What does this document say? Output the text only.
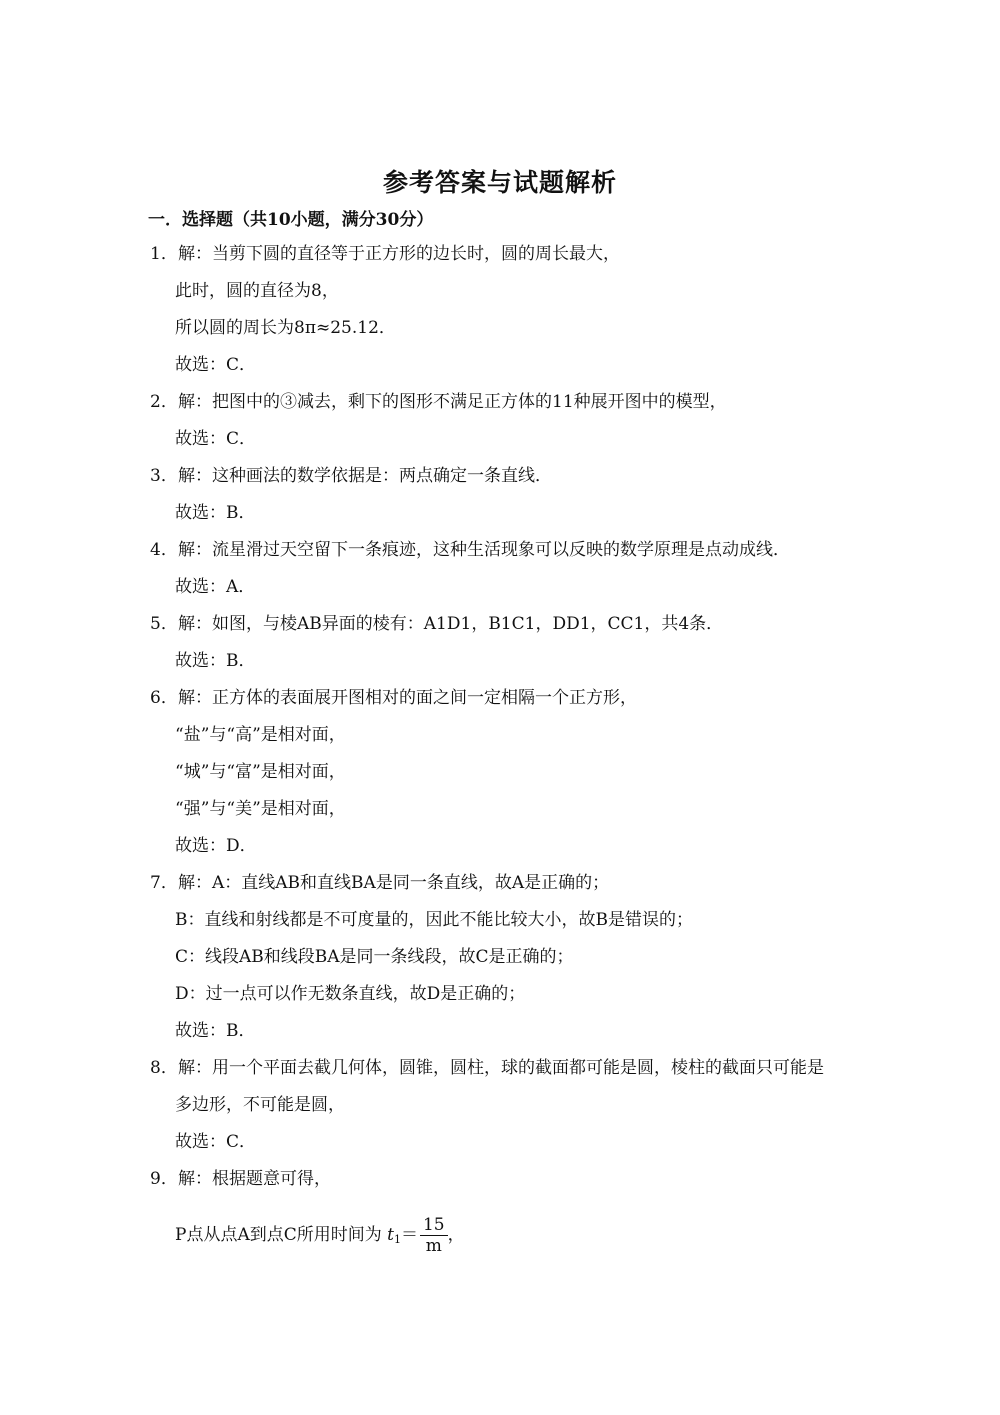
参考答案与试题解析
一．选择题（共10小题，满分30分）
1．解：当剪下圆的直径等于正方形的边长时，圆的周长最大，
此时，圆的直径为8，
所以圆的周长为8π≈25.12．
故选：C．
2．解：把图中的③减去，剩下的图形不满足正方体的11种展开图中的模型，
故选：C．
3．解：这种画法的数学依据是：两点确定一条直线．
故选：B．
4．解：流星滑过天空留下一条痕迹，这种生活现象可以反映的数学原理是点动成线．
故选：A．
5．解：如图，与棱AB异面的棱有：A1D1，B1C1，DD1，CC1，共4条．
故选：B．
6．解：正方体的表面展开图相对的面之间一定相隔一个正方形，
“盐”与“高”是相对面，
“城”与“富”是相对面，
“强”与“美”是相对面，
故选：D．
7．解：A：直线AB和直线BA是同一条直线，故A是正确的；
B：直线和射线都是不可度量的，因此不能比较大小，故B是错误的；
C：线段AB和线段BA是同一条线段，故C是正确的；
D：过一点可以作无数条直线，故D是正确的；
故选：B．
8．解：用一个平面去截几何体，圆锥，圆柱，球的截面都可能是圆，棱柱的截面只可能是
多边形，不可能是圆，
故选：C．
9．解：根据题意可得，
P点从点A到点C所用时间为 $t_1= \frac{15}{m}$ ，
